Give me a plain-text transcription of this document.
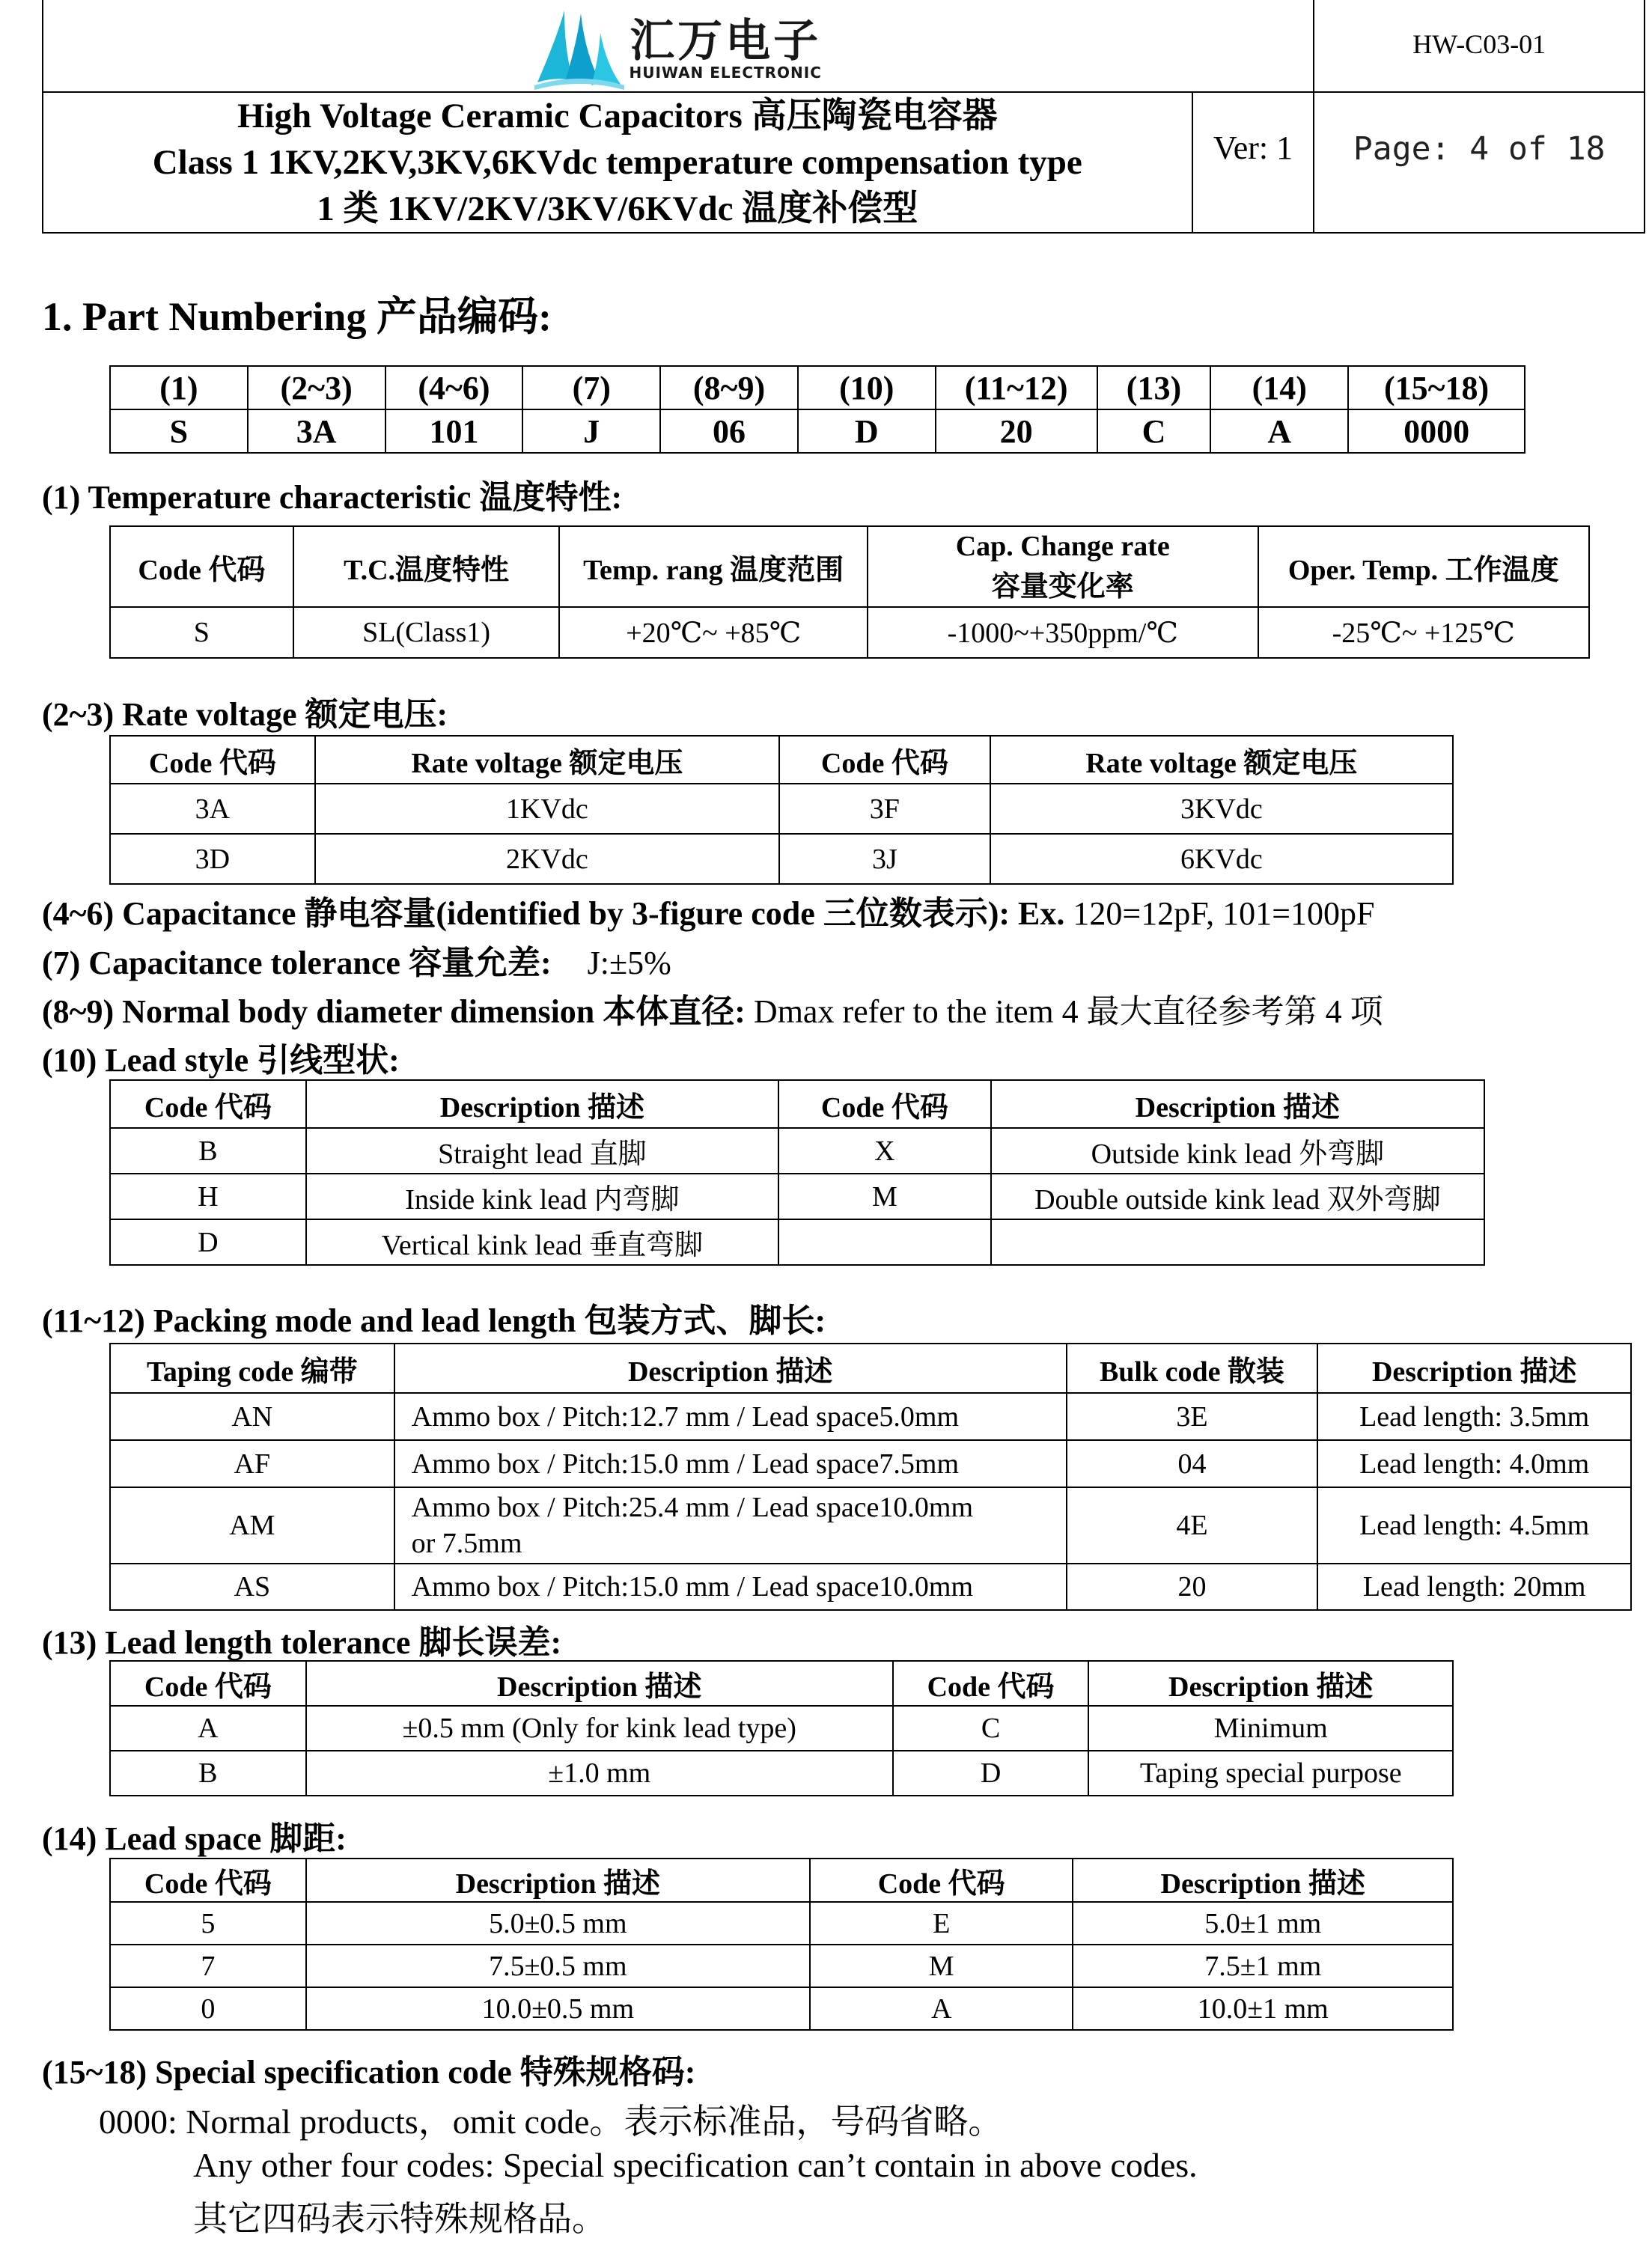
汇万电子
HUIWAN ELECTRONIC		HW-C03-01

High Voltage Ceramic Capacitors 高压陶瓷电容器
Class 1 1KV,2KV,3KV,6KVdc temperature compensation type
1 类 1KV/2KV/3KV/6KVdc 温度补偿型	Ver: 1	Page: 4 of 18
1. Part Numbering 产品编码:
(1)	(2~3)	(4~6)	(7)	(8~9)	(10)	(11~12)	(13)	(14)	(15~18)
S	3A	101	J	06	D	20	C	A	0000
(1) Temperature characteristic 温度特性:
Code 代码	T.C.温度特性	Temp. rang 温度范围	Cap. Change rate
容量变化率	Oper. Temp. 工作温度
S	SL(Class1)	+20℃~ +85℃	-1000~+350ppm/℃	-25℃~ +125℃
(2~3) Rate voltage 额定电压:
Code 代码	Rate voltage 额定电压	Code 代码	Rate voltage 额定电压
3A	1KVdc	3F	3KVdc
3D	2KVdc	3J	6KVdc
(4~6) Capacitance 静电容量(identified by 3-figure code 三位数表示): Ex. 120=12pF, 101=100pF
(7) Capacitance tolerance 容量允差: J:±5%
(8~9) Normal body diameter dimension 本体直径: Dmax refer to the item 4 最大直径参考第 4 项
(10) Lead style 引线型状:
Code 代码	Description 描述	Code 代码	Description 描述
B	Straight lead 直脚	X	Outside kink lead 外弯脚
H	Inside kink lead 内弯脚	M	Double outside kink lead 双外弯脚
D	Vertical kink lead 垂直弯脚		
(11~12) Packing mode and lead length 包装方式、脚长:
Taping code 编带	Description 描述	Bulk code 散装	Description 描述
AN	Ammo box / Pitch:12.7 mm / Lead space5.0mm	3E	Lead length: 3.5mm
AF	Ammo box / Pitch:15.0 mm / Lead space7.5mm	04	Lead length: 4.0mm
AM	Ammo box / Pitch:25.4 mm / Lead space10.0mm
or 7.5mm	4E	Lead length: 4.5mm
AS	Ammo box / Pitch:15.0 mm / Lead space10.0mm	20	Lead length: 20mm
(13) Lead length tolerance 脚长误差:
Code 代码	Description 描述	Code 代码	Description 描述
A	±0.5 mm (Only for kink lead type)	C	Minimum
B	±1.0 mm	D	Taping special purpose
(14) Lead space 脚距:
Code 代码	Description 描述	Code 代码	Description 描述
5	5.0±0.5 mm	E	5.0±1 mm
7	7.5±0.5 mm	M	7.5±1 mm
0	10.0±0.5 mm	A	10.0±1 mm
(15~18) Special specification code 特殊规格码:
0000: Normal products，omit code。表示标准品，号码省略。
Any other four codes: Special specification can’t contain in above codes.
其它四码表示特殊规格品。
